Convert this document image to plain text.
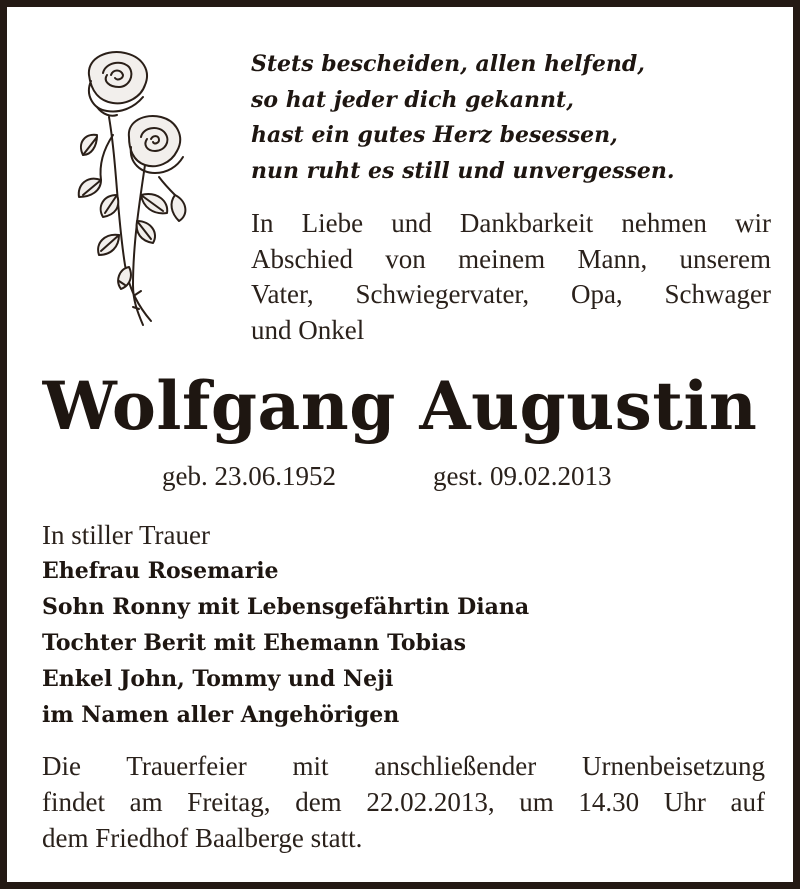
Stets bescheiden, allen helfend,
so hat jeder dich gekannt,
hast ein gutes Herz besessen,
nun ruht es still und unvergessen.
In Liebe und Dankbarkeit nehmen wir
Abschied von meinem Mann, unserem
Vater, Schwiegervater, Opa, Schwager
und Onkel
Wolfgang Augustin
geb. 23.06.1952	gest. 09.02.2013
In stiller Trauer
Ehefrau Rosemarie
Sohn Ronny mit Lebensgefährtin Diana
Tochter Berit mit Ehemann Tobias
Enkel John, Tommy und Neji
im Namen aller Angehörigen
Die Trauerfeier mit anschließender Urnenbeisetzung
findet am Freitag, dem 22.02.2013, um 14.30 Uhr auf
dem Friedhof Baalberge statt.
